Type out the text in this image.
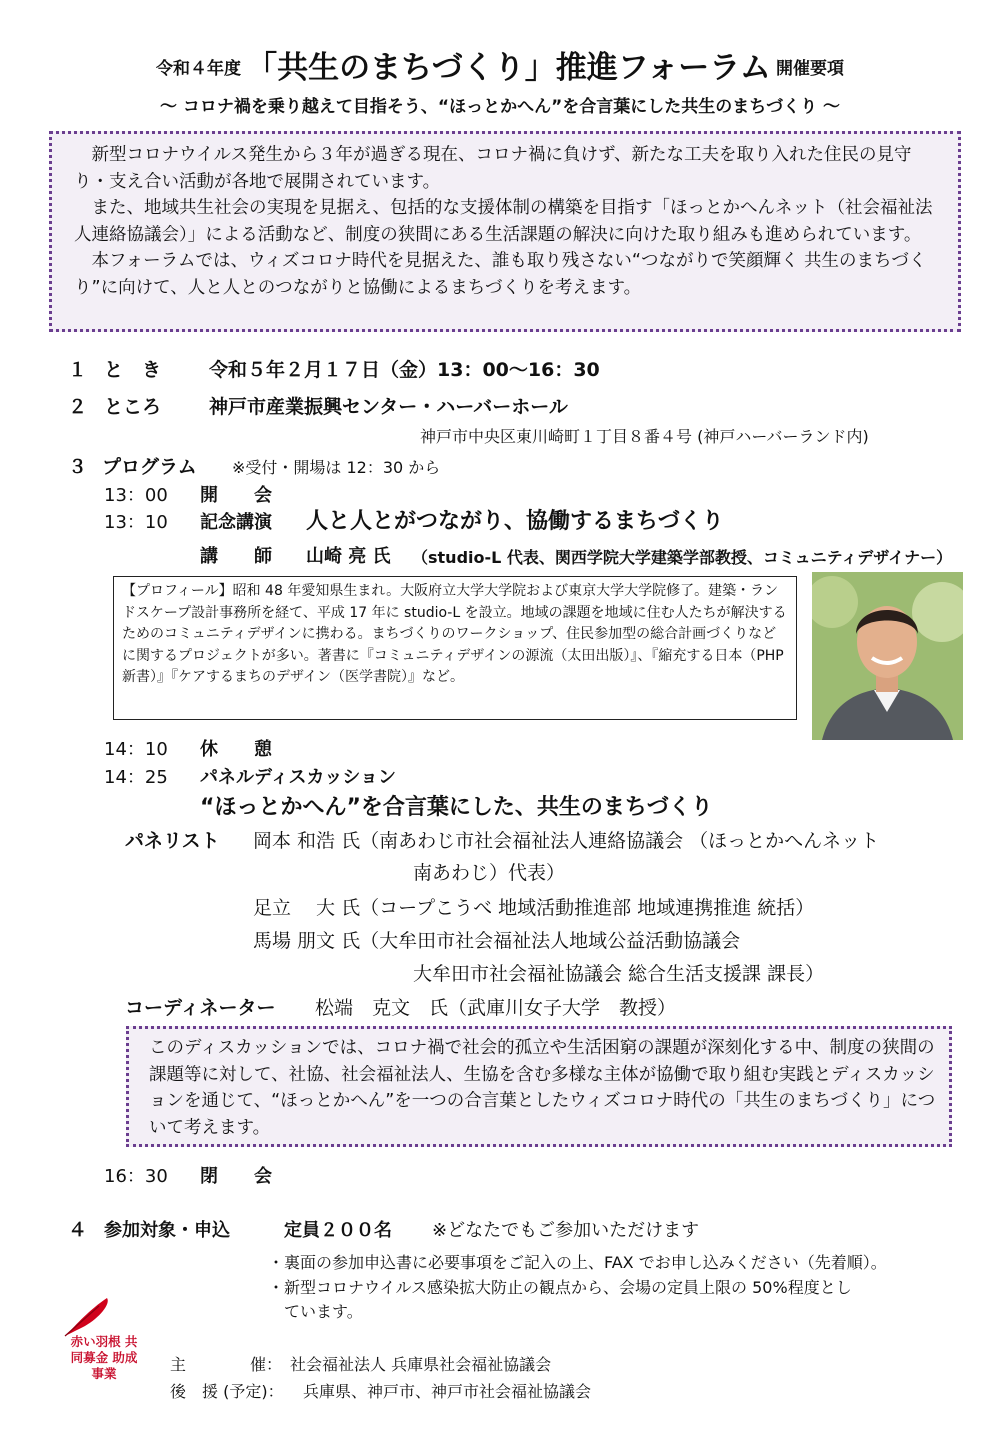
令和４年度 「共生のまちづくり」推進フォーラム 開催要項
～ コロナ禍を乗り越えて目指そう、“ほっとかへん”を合言葉にした共生のまちづくり ～

　新型コロナウイルス発生から３年が過ぎる現在、コロナ禍に負けず、新たな工夫を取り入れた住民の見守り・支え合い活動が各地で展開されています。

　また、地域共生社会の実現を見据え、包括的な支援体制の構築を目指す「ほっとかへんネット（社会福祉法人連絡協議会）」による活動など、制度の狭間にある生活課題の解決に向けた取り組みも進められています。

　本フォーラムでは、ウィズコロナ時代を見据えた、誰も取り残さない“つながりで笑顔輝く 共生のまちづくり”に向けて、人と人とのつながりと協働によるまちづくりを考えます。

１ と　き	令和５年２月１７日（金）13：00～16：30
２ ところ	神戸市産業振興センター・ハーバーホール
神戸市中央区東川崎町１丁目８番４号 (神戸ハーバーランド内)
３ プログラム ※受付・開場は 12：30 から
13：00 開　　会
13：10 記念講演 人と人とがつながり、協働するまちづくり
講　　師 山崎 亮 氏 （studio-L 代表、関西学院大学建築学部教授、コミュニティデザイナー）

【プロフィール】昭和 48 年愛知県生まれ。大阪府立大学大学院および東京大学大学院修了。建築・ランドスケープ設計事務所を経て、平成 17 年に studio-L を設立。地域の課題を地域に住む人たちが解決するためのコミュニティデザインに携わる。まちづくりのワークショップ、住民参加型の総合計画づくりなどに関するプロジェクトが多い。著書に『コミュニティデザインの源流（太田出版）』、『縮充する日本（PHP 新書）』『ケアするまちのデザイン（医学書院）』など。

14：10 休　　憩
14：25 パネルディスカッション
“ほっとかへん”を合言葉にした、共生のまちづくり
パネリスト 岡本 和浩 氏（南あわじ市社会福祉法人連絡協議会 （ほっとかへんネット
南あわじ）代表）
足立　 大 氏（コープこうべ 地域活動推進部 地域連携推進 統括）
馬場 朋文 氏（大牟田市社会福祉法人地域公益活動協議会
大牟田市社会福祉協議会 総合生活支援課 課長）
コーディネーター 松端　克文　氏（武庫川女子大学　教授）

このディスカッションでは、コロナ禍で社会的孤立や生活困窮の課題が深刻化する中、制度の狭間の課題等に対して、社協、社会福祉法人、生協を含む多様な主体が協働で取り組む実践とディスカッションを通じて、“ほっとかへん”を一つの合言葉としたウィズコロナ時代の「共生のまちづくり」について考えます。

16：30 閉　　会
４ 参加対象・申込	定員２００名 ※どなたでもご参加いただけます
・裏面の参加申込書に必要事項をご記入の上、FAX でお申し込みください（先着順）。
・新型コロナウイルス感染拡大防止の観点から、会場の定員上限の 50%程度とし
ています。
赤い羽根 共同募金 助成事業	主　　　　催： 社会福祉法人 兵庫県社会福祉協議会
後　援 (予定)： 兵庫県、神戸市、神戸市社会福祉協議会
